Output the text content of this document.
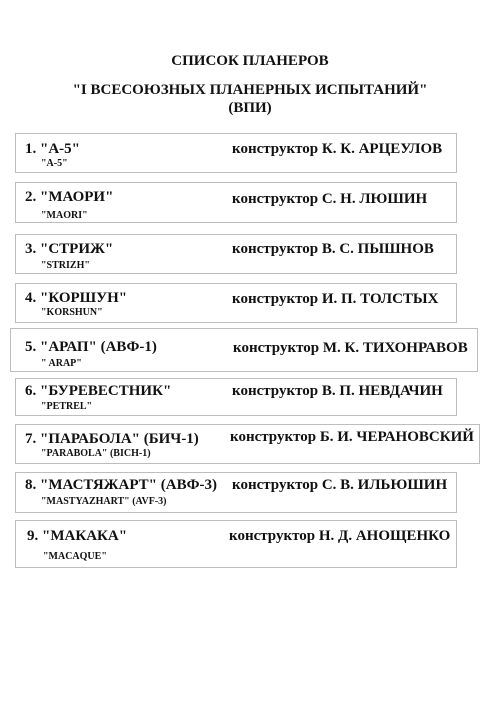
СПИСОК ПЛАНЕРОВ
"I ВСЕСОЮЗНЫХ ПЛАНЕРНЫХ ИСПЫТАНИЙ"
(ВПИ)
1. "А-5"
"A-5"
конструктор К. К. АРЦЕУЛОВ
2. "МАОРИ"
"MAORI"
конструктор С. Н. ЛЮШИН
3. "СТРИЖ"
"STRIZH"
конструктор В. С. ПЫШНОВ
4. "КОРШУН"
"KORSHUN"
конструктор И. П. ТОЛСТЫХ
5. "АРАП" (АВФ-1)
" ARAP"
конструктор М. К. ТИХОНРАВОВ
6. "БУРЕВЕСТНИК"
"PETREL"
конструктор В. П. НЕВДАЧИН
7. "ПАРАБОЛА" (БИЧ-1)
"PARABOLA" (BICH-1)
конструктор Б. И. ЧЕРАНОВСКИЙ
8. "МАСТЯЖАРТ" (АВФ-3)
"MASTYAZHART" (AVF-3)
конструктор С. В. ИЛЬЮШИН
9. "МАКАКА"
"MACAQUE"
конструктор Н. Д. АНОЩЕНКО
